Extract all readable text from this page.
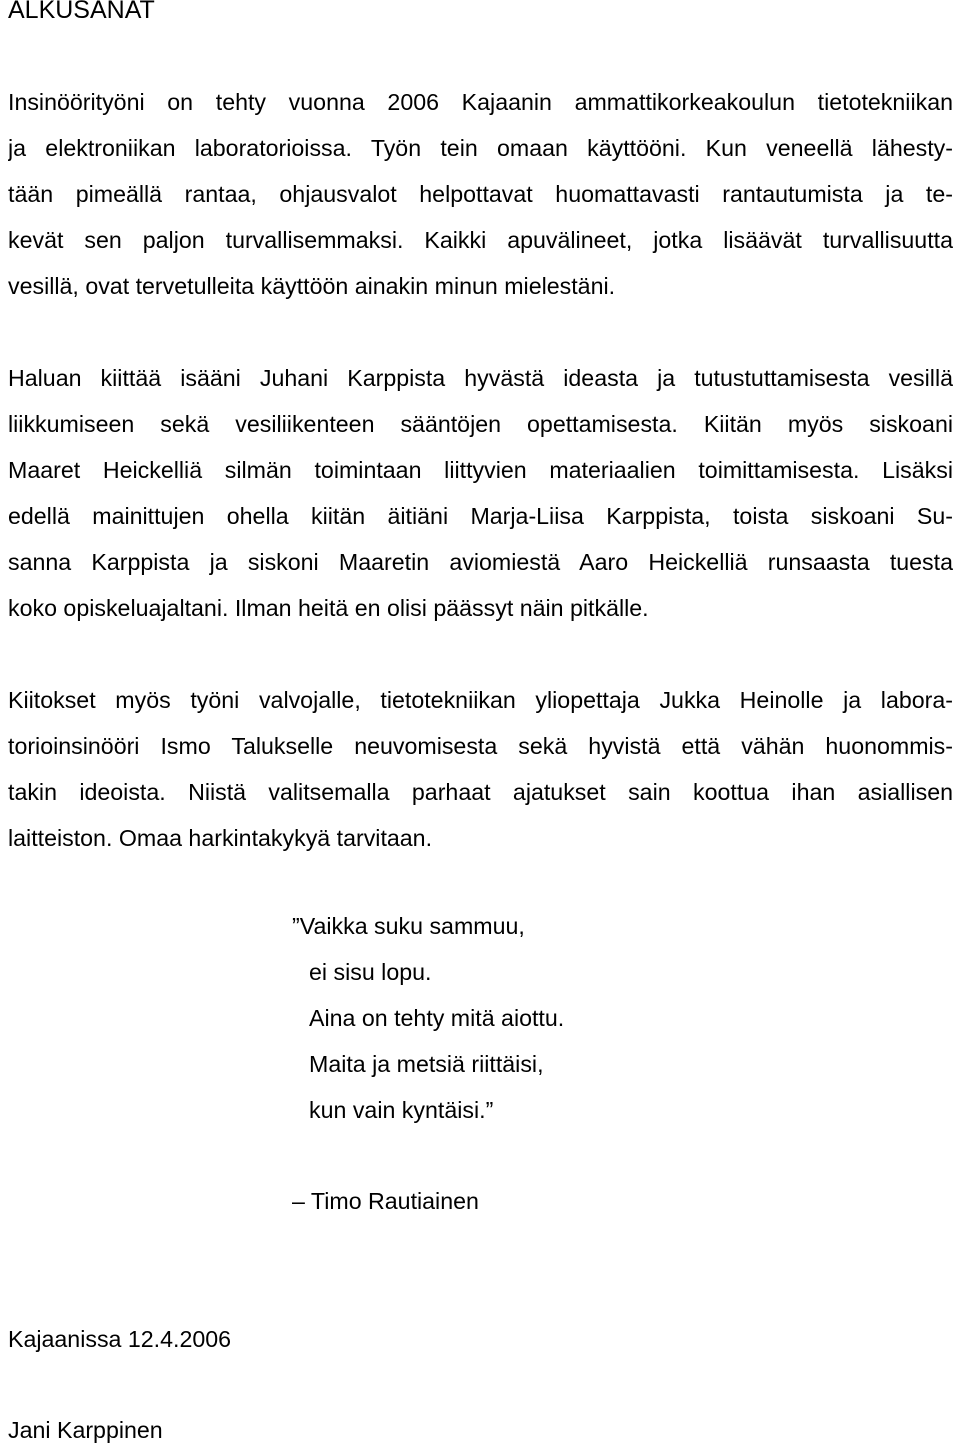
ALKUSANAT

Insinöörityöni on tehty vuonna 2006 Kajaanin ammattikorkeakoulun tietotekniikan
ja elektroniikan laboratorioissa. Työn tein omaan käyttööni. Kun veneellä lähesty-
tään pimeällä rantaa, ohjausvalot helpottavat huomattavasti rantautumista ja te-
kevät sen paljon turvallisemmaksi. Kaikki apuvälineet, jotka lisäävät turvallisuutta
vesillä, ovat tervetulleita käyttöön ainakin minun mielestäni.

Haluan kiittää isääni Juhani Karppista hyvästä ideasta ja tutustuttamisesta vesillä
liikkumiseen sekä vesiliikenteen sääntöjen opettamisesta. Kiitän myös siskoani
Maaret Heickelliä silmän toimintaan liittyvien materiaalien toimittamisesta. Lisäksi
edellä mainittujen ohella kiitän äitiäni Marja-Liisa Karppista, toista siskoani Su-
sanna Karppista ja siskoni Maaretin aviomiestä Aaro Heickelliä runsaasta tuesta
koko opiskeluajaltani. Ilman heitä en olisi päässyt näin pitkälle.

Kiitokset myös työni valvojalle, tietotekniikan yliopettaja Jukka Heinolle ja labora-
torioinsinööri Ismo Talukselle neuvomisesta sekä hyvistä että vähän huonommis-
takin ideoista. Niistä valitsemalla parhaat ajatukset sain koottua ihan asiallisen
laitteiston. Omaa harkintakykyä tarvitaan.

”Vaikka suku sammuu,
ei sisu lopu.
Aina on tehty mitä aiottu.
Maita ja metsiä riittäisi,
kun vain kyntäisi.”

– Timo Rautiainen

Kajaanissa 12.4.2006

Jani Karppinen
